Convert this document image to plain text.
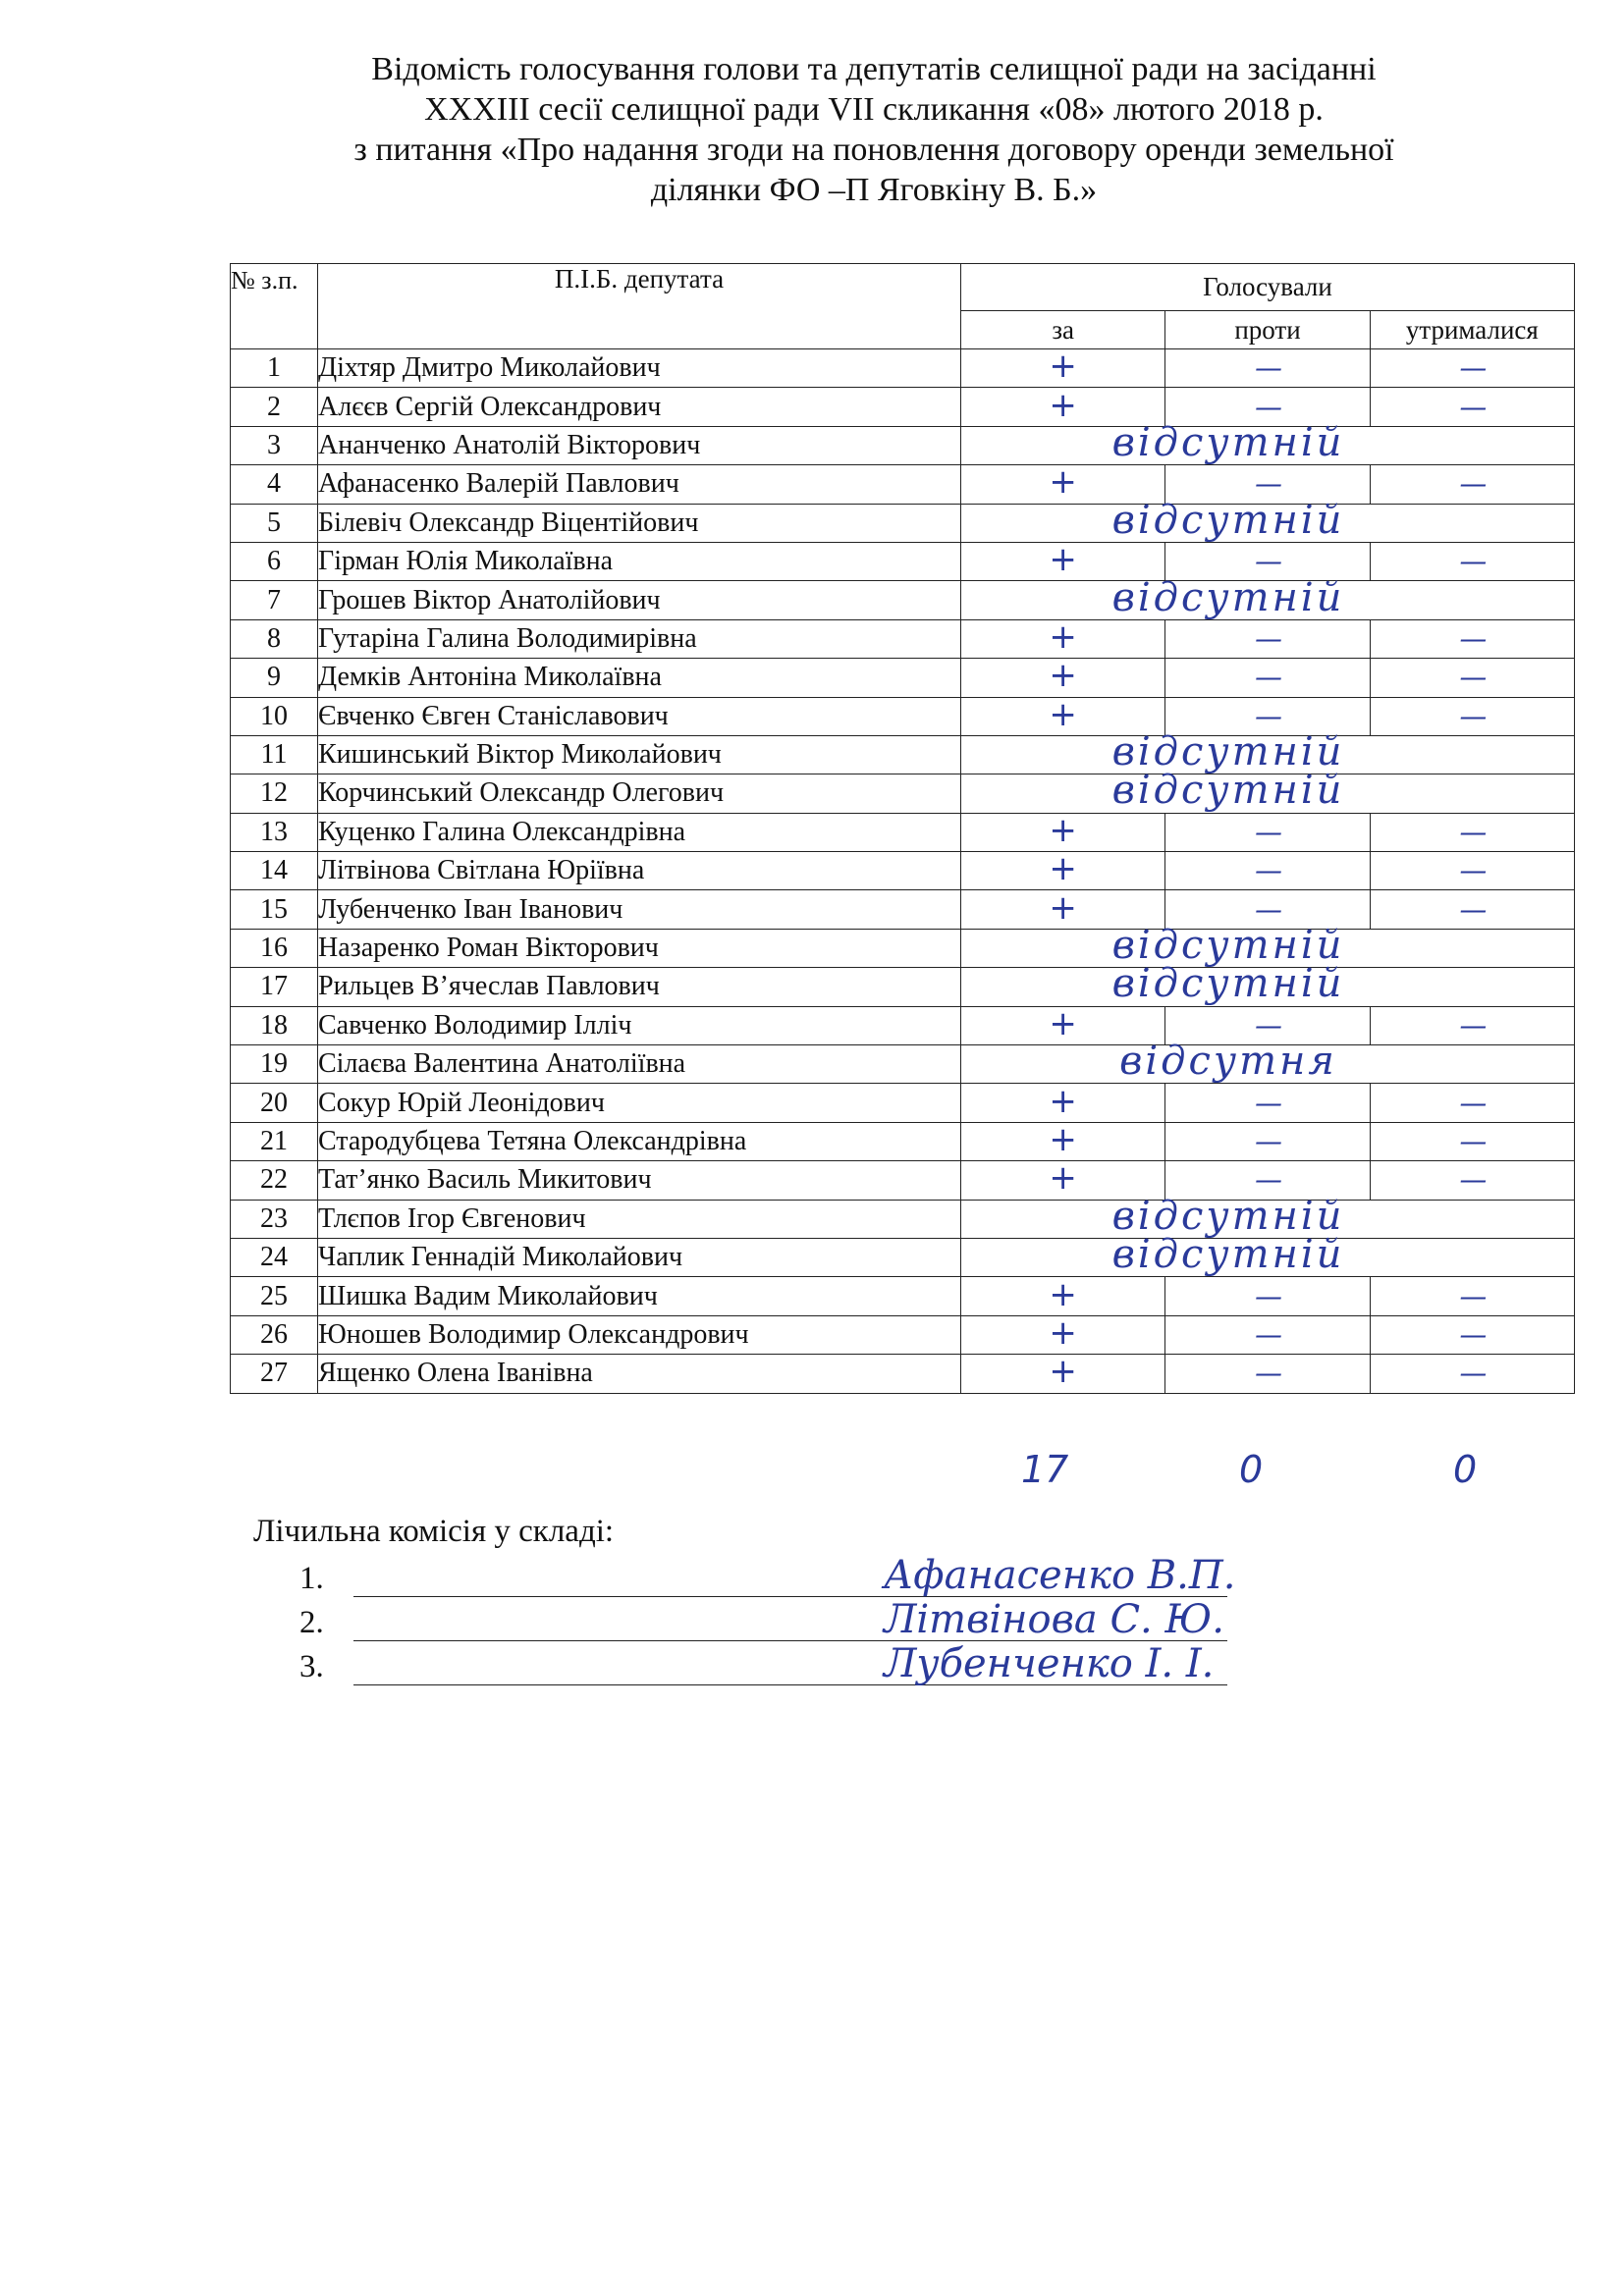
Відомість голосування голови та депутатів селищної ради на засіданні
XXXIII сесії селищної ради VII скликання «08» лютого 2018 р.
з питання «Про надання згоди на поновлення договору оренди земельної
ділянки ФО –П Яговкіну В. Б.»
№ з.п.	П.І.Б. депутата	Голосували		
		за	проти	утрималися
1	Діхтяр Дмитро Миколайович	+	—	—
2	Алєєв Сергій Олександрович	+	—	—
3	Ананченко Анатолій Вікторович	відсутній		
4	Афанасенко Валерій Павлович	+	—	—
5	Білевіч Олександр Віцентійович	відсутній		
6	Гірман Юлія Миколаївна	+	—	—
7	Грошев Віктор Анатолійович	відсутній		
8	Гутаріна Галина Володимирівна	+	—	—
9	Демків Антоніна Миколаївна	+	—	—
10	Євченко Євген Станіславович	+	—	—
11	Кишинський Віктор Миколайович	відсутній		
12	Корчинський Олександр Олегович	відсутній		
13	Куценко Галина Олександрівна	+	—	—
14	Літвінова Світлана Юріївна	+	—	—
15	Лубенченко Іван Іванович	+	—	—
16	Назаренко Роман Вікторович	відсутній		
17	Рильцев В’ячеслав Павлович	відсутній		
18	Савченко Володимир Ілліч	+	—	—
19	Сілаєва Валентина Анатоліївна	відсутня		
20	Сокур Юрій Леонідович	+	—	—
21	Стародубцева Тетяна Олександрівна	+	—	—
22	Тат’янко Василь Микитович	+	—	—
23	Тлєпов Ігор Євгенович	відсутній		
24	Чаплик Геннадій Миколайович	відсутній		
25	Шишка Вадим Миколайович	+	—	—
26	Юношев Володимир Олександрович	+	—	—
27	Ященко Олена Іванівна	+	—	—
17	0	0
Лічильна комісія у складі:
1.	Афанасенко В.П.
2.	Літвінова С. Ю.
3.	Лубенченко І. І.
